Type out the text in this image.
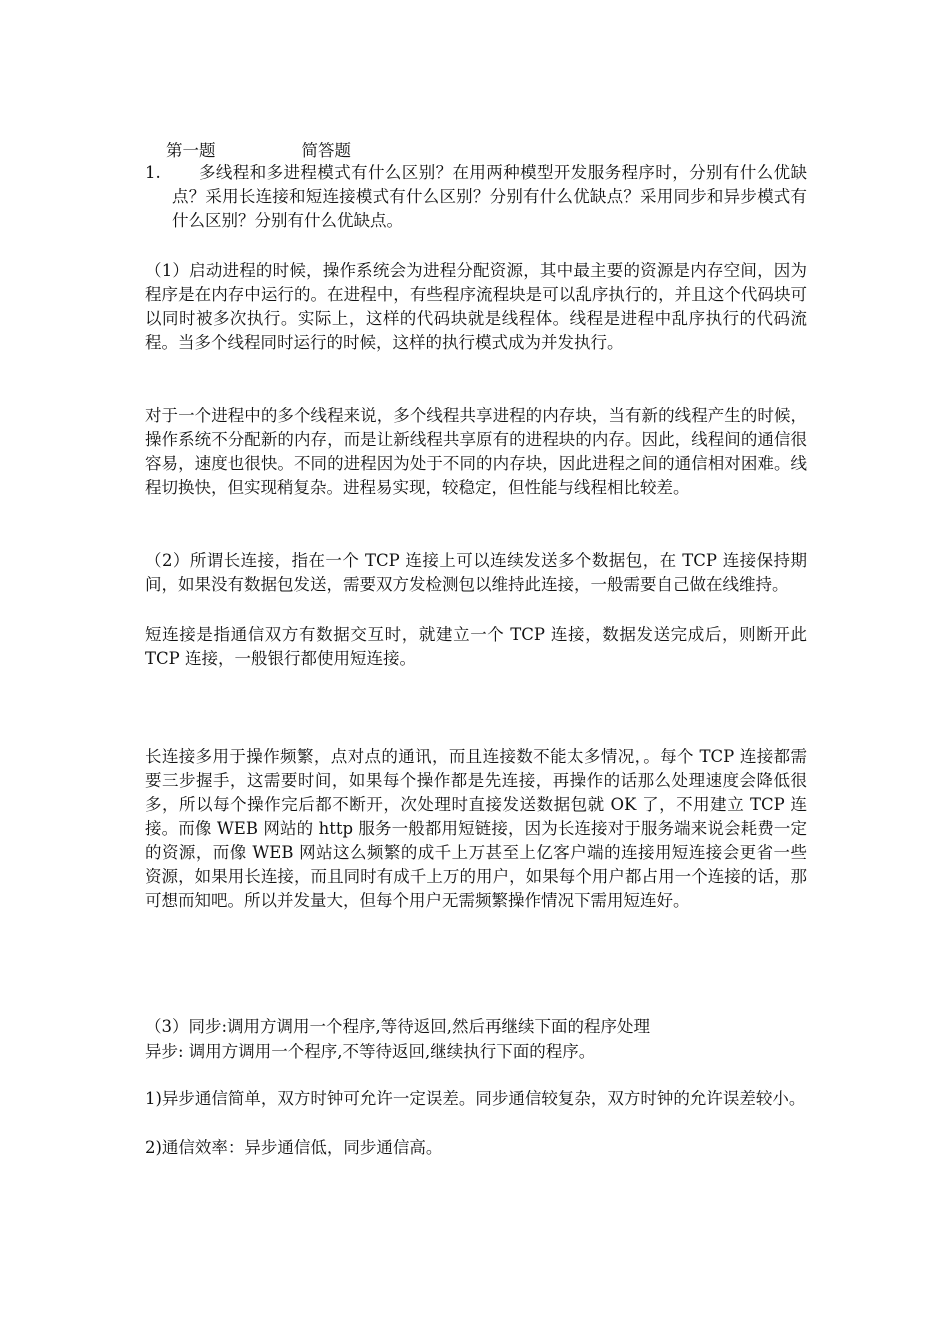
第一题	简答题

1.	多线程和多进程模式有什么区别？在用两种模型开发服务程序时，分别有什么优缺点？采用长连接和短连接模式有什么区别？分别有什么优缺点？采用同步和异步模式有什么区别？分别有什么优缺点。

（1）启动进程的时候，操作系统会为进程分配资源，其中最主要的资源是内存空间，因为程序是在内存中运行的。在进程中，有些程序流程块是可以乱序执行的，并且这个代码块可以同时被多次执行。实际上，这样的代码块就是线程体。线程是进程中乱序执行的代码流程。当多个线程同时运行的时候，这样的执行模式成为并发执行。

对于一个进程中的多个线程来说，多个线程共享进程的内存块，当有新的线程产生的时候，操作系统不分配新的内存，而是让新线程共享原有的进程块的内存。因此，线程间的通信很容易，速度也很快。不同的进程因为处于不同的内存块，因此进程之间的通信相对困难。线程切换快，但实现稍复杂。进程易实现，较稳定，但性能与线程相比较差。

（2）所谓长连接，指在一个 TCP 连接上可以连续发送多个数据包，在 TCP 连接保持期间，如果没有数据包发送，需要双方发检测包以维持此连接，一般需要自己做在线维持。

短连接是指通信双方有数据交互时，就建立一个 TCP 连接，数据发送完成后，则断开此 TCP 连接，一般银行都使用短连接。

长连接多用于操作频繁，点对点的通讯，而且连接数不能太多情况，。每个 TCP 连接都需要三步握手，这需要时间，如果每个操作都是先连接，再操作的话那么处理速度会降低很多，所以每个操作完后都不断开，次处理时直接发送数据包就 OK 了，不用建立 TCP 连接。而像 WEB 网站的 http 服务一般都用短链接，因为长连接对于服务端来说会耗费一定的资源，而像 WEB 网站这么频繁的成千上万甚至上亿客户端的连接用短连接会更省一些资源，如果用长连接，而且同时有成千上万的用户，如果每个用户都占用一个连接的话，那可想而知吧。所以并发量大，但每个用户无需频繁操作情况下需用短连好。

（3）同步:调用方调用一个程序,等待返回,然后再继续下面的程序处理

异步: 调用方调用一个程序,不等待返回,继续执行下面的程序。

1)异步通信简单，双方时钟可允许一定误差。同步通信较复杂，双方时钟的允许误差较小。

2)通信效率：异步通信低，同步通信高。
